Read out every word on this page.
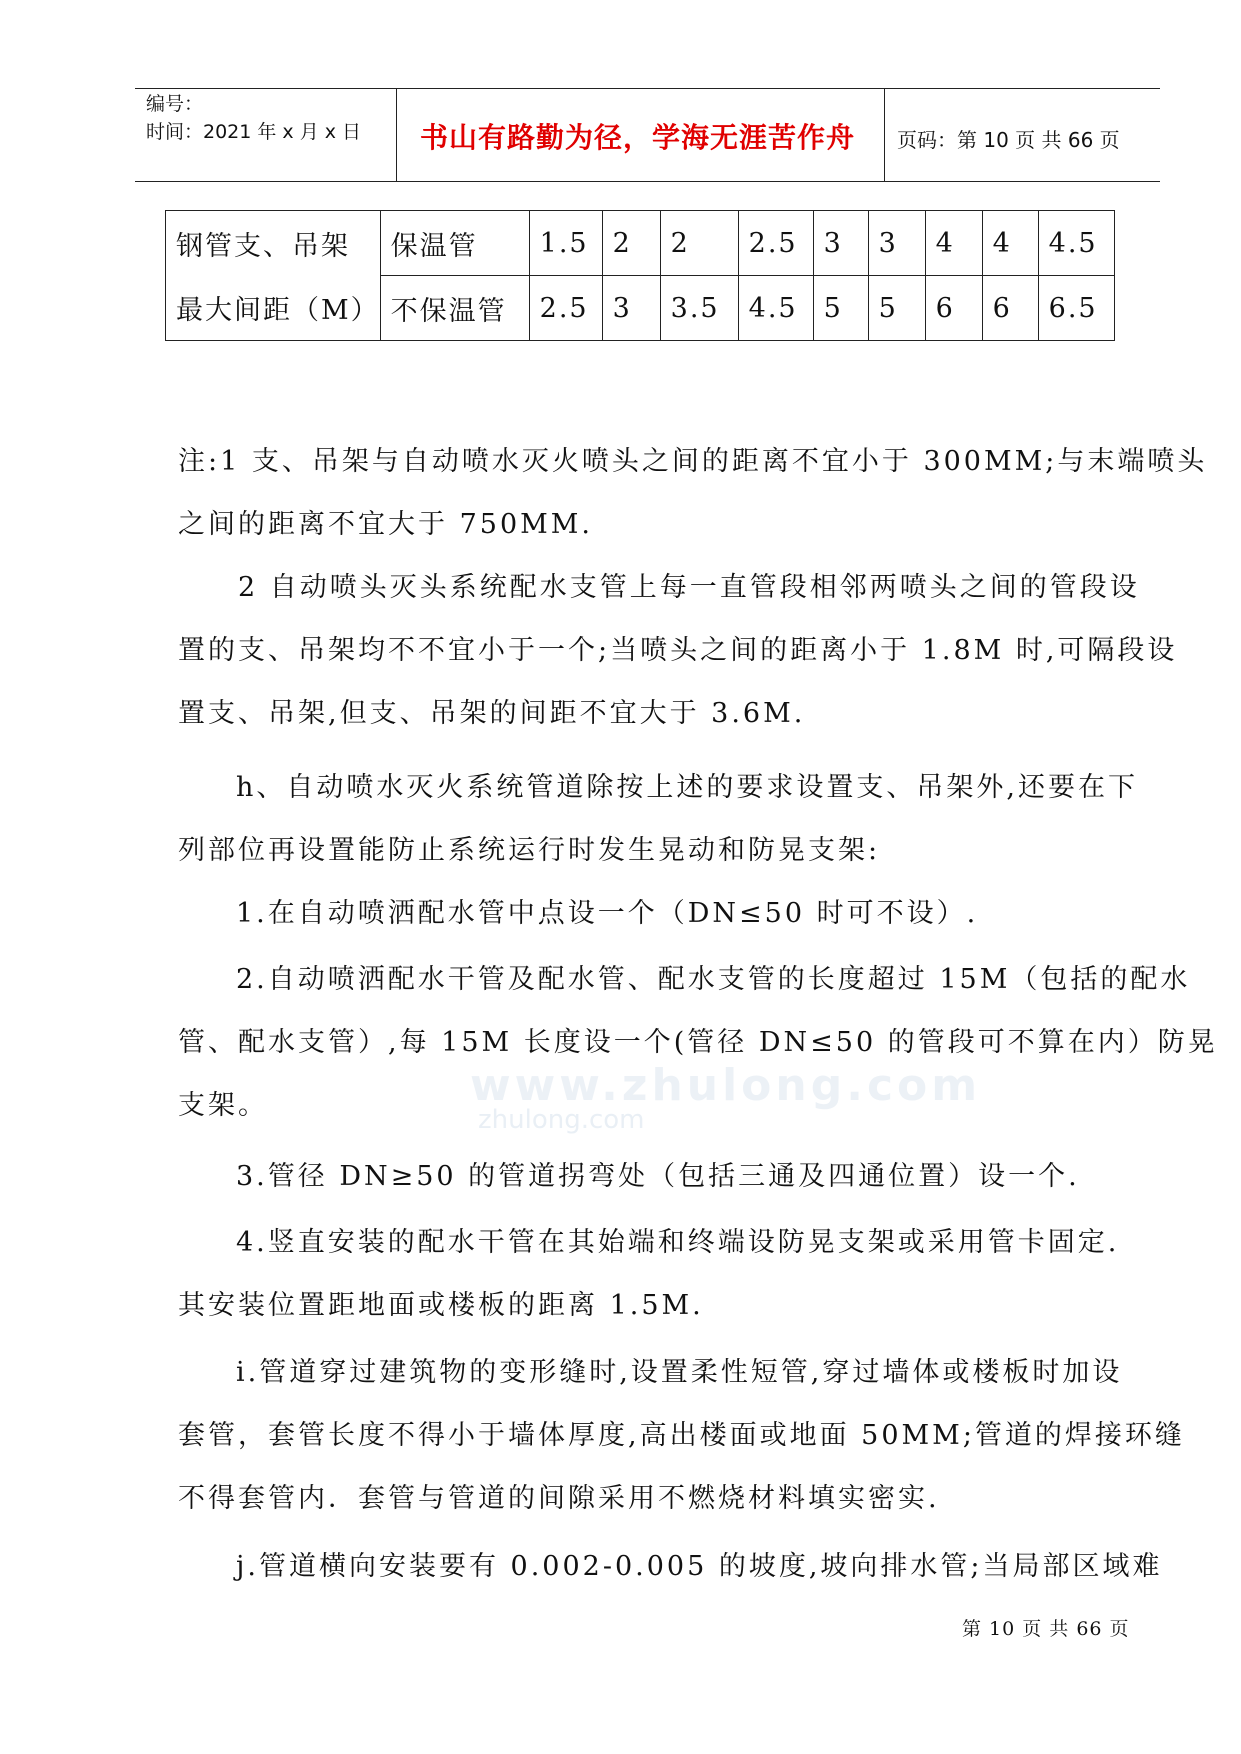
编号：
时间：2021 年 x 月 x 日 书山有路勤为径，学海无涯苦作舟 页码：第 10 页 共 66 页
钢管支、吊架	保温管	1.5	2	2	2.5	3	3	4	4	4.5
最大间距（M）	不保温管	2.5	3	3.5	4.5	5	5	6	6	6.5
www.zhulong.com
zhulong.com
注:1 支、吊架与自动喷水灭火喷头之间的距离不宜小于 300MM;与末端喷头
之间的距离不宜大于 750MM.
2 自动喷头灭头系统配水支管上每一直管段相邻两喷头之间的管段设
置的支、吊架均不不宜小于一个;当喷头之间的距离小于 1.8M 时,可隔段设
置支、吊架,但支、吊架的间距不宜大于 3.6M.
h、自动喷水灭火系统管道除按上述的要求设置支、吊架外,还要在下
列部位再设置能防止系统运行时发生晃动和防晃支架:
1.在自动喷洒配水管中点设一个（DN≤50 时可不设）.
2.自动喷洒配水干管及配水管、配水支管的长度超过 15M（包括的配水
管、配水支管）,每 15M 长度设一个(管径 DN≤50 的管段可不算在内）防晃
支架。
3.管径 DN≥50 的管道拐弯处（包括三通及四通位置）设一个.
4.竖直安装的配水干管在其始端和终端设防晃支架或采用管卡固定.
其安装位置距地面或楼板的距离 1.5M.
i.管道穿过建筑物的变形缝时,设置柔性短管,穿过墙体或楼板时加设
套管，套管长度不得小于墙体厚度,高出楼面或地面 50MM;管道的焊接环缝
不得套管内．套管与管道的间隙采用不燃烧材料填实密实.
j.管道横向安装要有 0.002-0.005 的坡度,坡向排水管;当局部区域难
第 10 页 共 66 页
